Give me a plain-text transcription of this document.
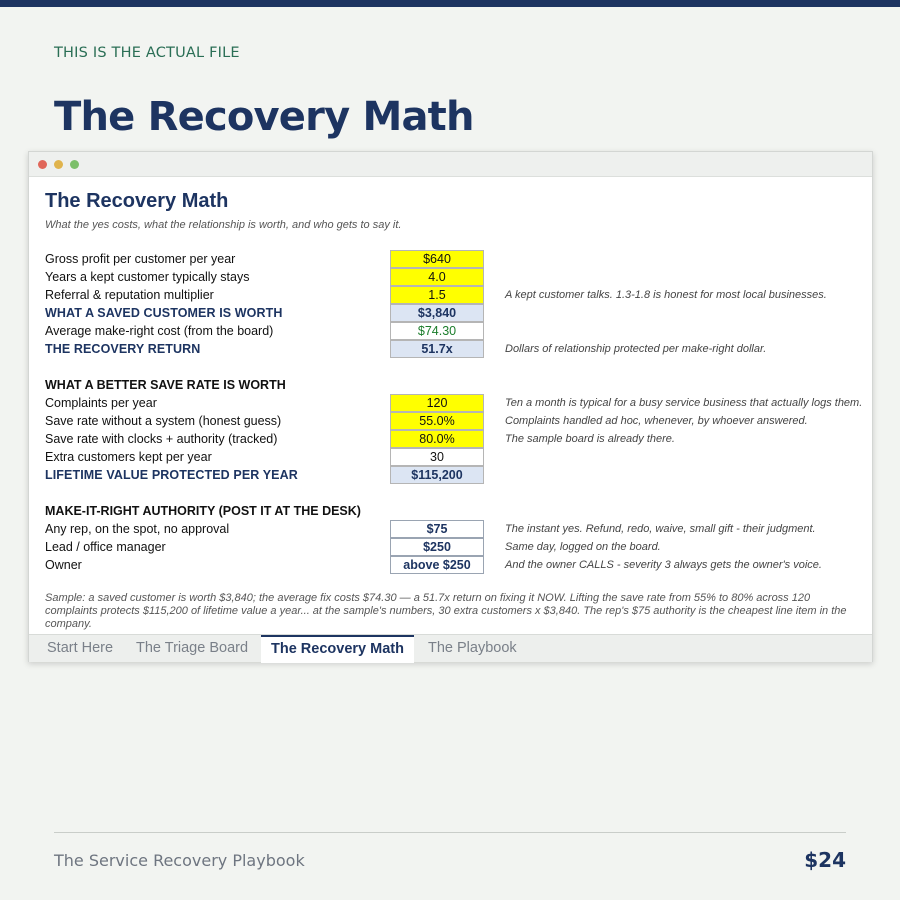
THIS IS THE ACTUAL FILE
The Recovery Math
The Recovery Math
What the yes costs, what the relationship is worth, and who gets to say it.
Gross profit per customer per year	$640
Years a kept customer typically stays	4.0
Referral & reputation multiplier	1.5	A kept customer talks. 1.3-1.8 is honest for most local businesses.
WHAT A SAVED CUSTOMER IS WORTH	$3,840
Average make-right cost (from the board)	$74.30
THE RECOVERY RETURN	51.7x	Dollars of relationship protected per make-right dollar.
WHAT A BETTER SAVE RATE IS WORTH
Complaints per year	120	Ten a month is typical for a busy service business that actually logs them.
Save rate without a system (honest guess)	55.0%	Complaints handled ad hoc, whenever, by whoever answered.
Save rate with clocks + authority (tracked)	80.0%	The sample board is already there.
Extra customers kept per year	30
LIFETIME VALUE PROTECTED PER YEAR	$115,200
MAKE-IT-RIGHT AUTHORITY (POST IT AT THE DESK)
Any rep, on the spot, no approval	$75	The instant yes. Refund, redo, waive, small gift - their judgment.
Lead / office manager	$250	Same day, logged on the board.
Owner	above $250	And the owner CALLS - severity 3 always gets the owner's voice.
Sample: a saved customer is worth $3,840; the average fix costs $74.30 — a 51.7x return on fixing it NOW. Lifting the save rate from 55% to 80% across 120 complaints protects $115,200 of lifetime value a year... at the sample's numbers, 30 extra customers x $3,840. The rep's $75 authority is the cheapest line item in the company.
Start Here	The Triage Board	The Recovery Math	The Playbook
The Service Recovery Playbook	$24
